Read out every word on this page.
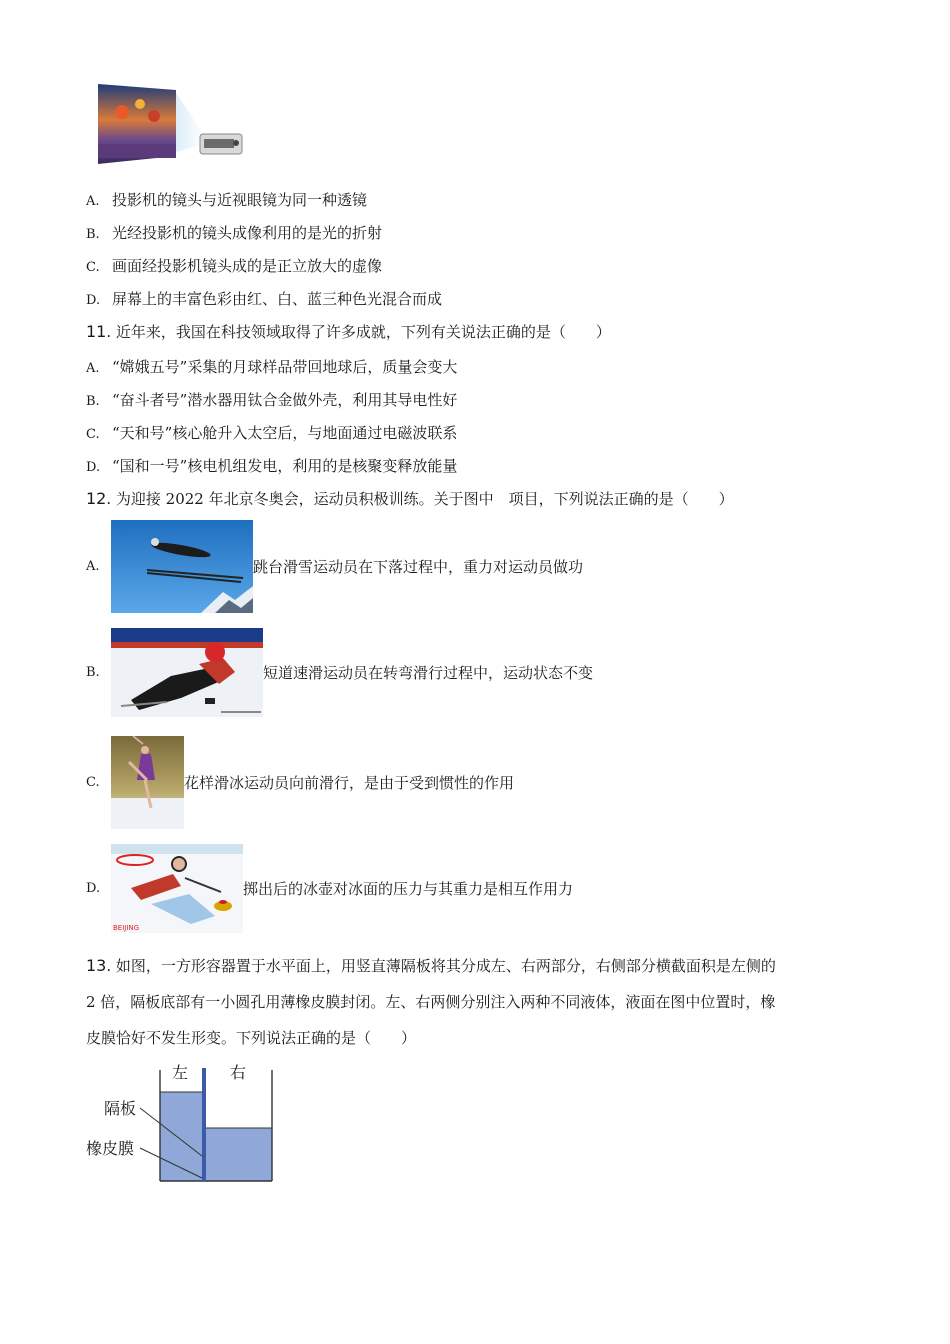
A. 投影机的镜头与近视眼镜为同一种透镜
B. 光经投影机的镜头成像利用的是光的折射
C. 画面经投影机镜头成的是正立放大的虚像
D. 屏幕上的丰富色彩由红、白、蓝三种色光混合而成
11. 近年来，我国在科技领域取得了许多成就，下列有关说法正确的是（　　）
A. “嫦娥五号”采集的月球样品带回地球后，质量会变大
B. “奋斗者号”潜水器用钛合金做外壳，利用其导电性好
C. “天和号”核心舱升入太空后，与地面通过电磁波联系
D. “国和一号”核电机组发电，利用的是核聚变释放能量
12. 为迎接 2022 年北京冬奥会，运动员积极训练。关于图中　项目，下列说法正确的是（　　）
A.	跳台滑雪运动员在下落过程中，重力对运动员做功
B.	短道速滑运动员在转弯滑行过程中，运动状态不变
C.	花样滑冰运动员向前滑行，是由于受到惯性的作用
D.
BEIJING
掷出后的冰壶对冰面的压力与其重力是相互作用力
13. 如图，一方形容器置于水平面上，用竖直薄隔板将其分成左、右两部分，右侧部分横截面积是左侧的
2 倍，隔板底部有一小圆孔用薄橡皮膜封闭。左、右两侧分别注入两种不同液体，液面在图中位置时，橡
皮膜恰好不发生形变。下列说法正确的是（　　）
左	右
隔板
橡皮膜
